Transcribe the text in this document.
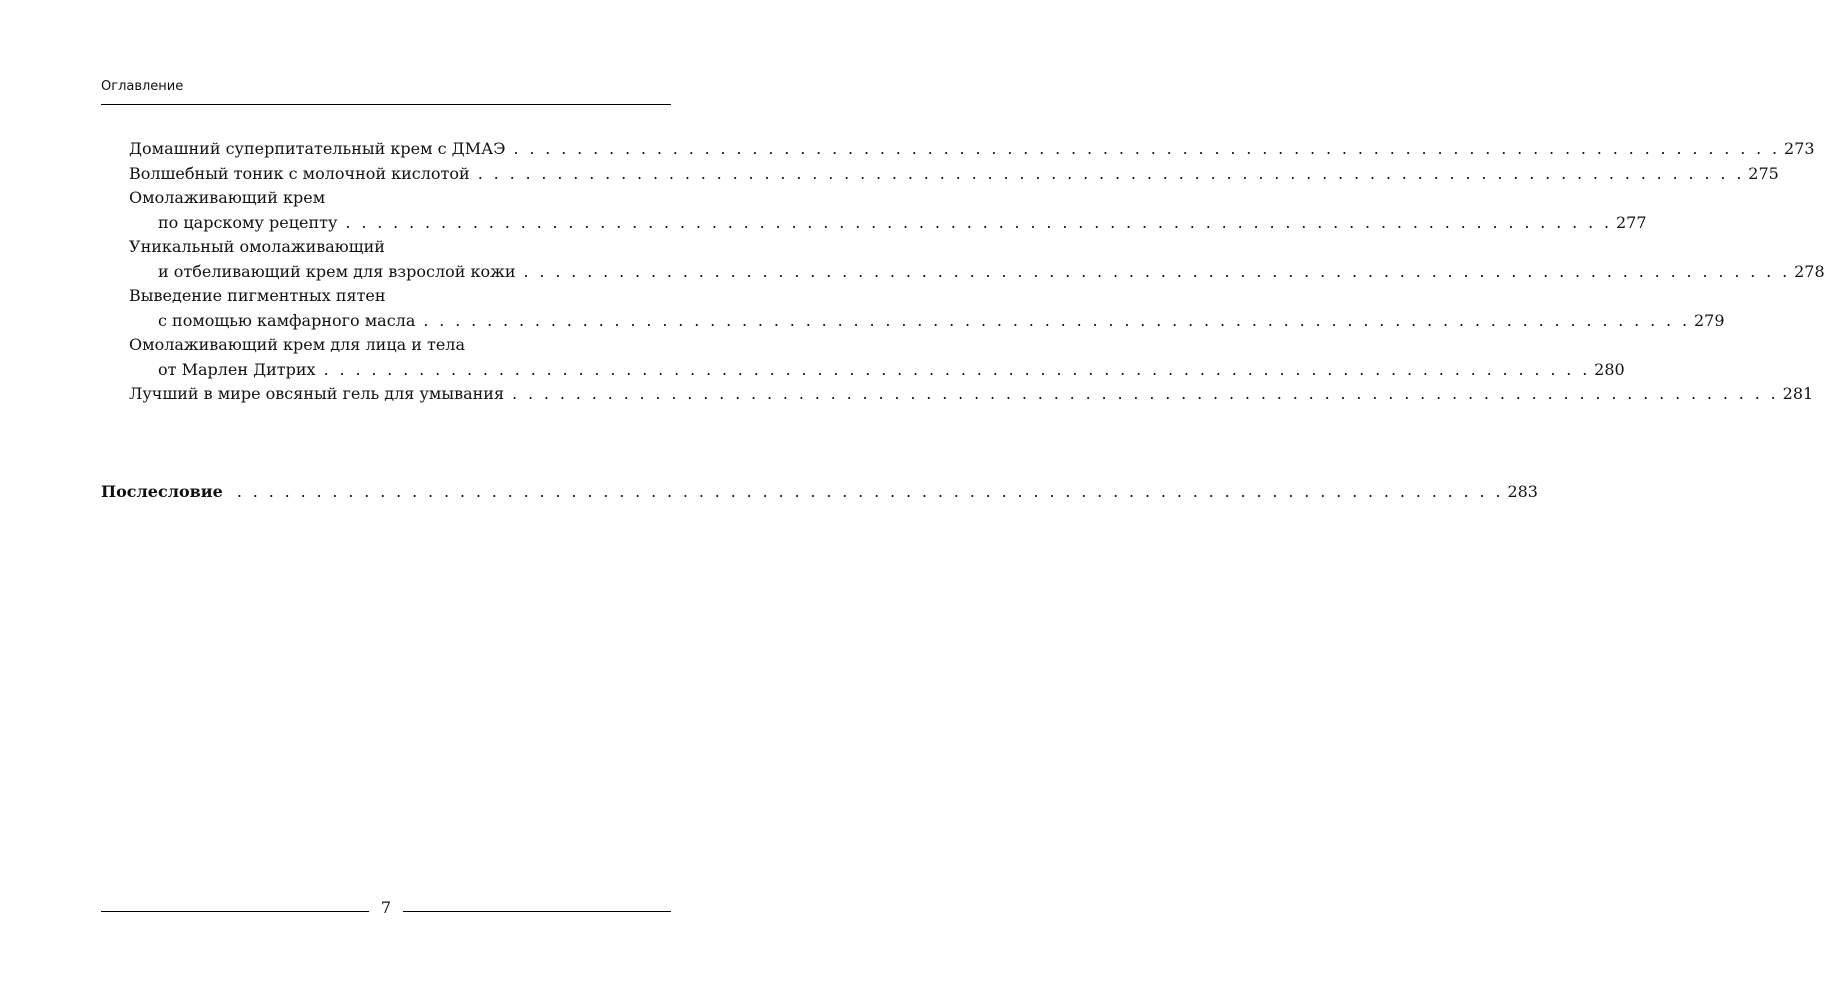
Оглавление
Домашний суперпитательный крем с ДМАЭ . . . . . . . . . . . . . . . . . . . . . . . . . . . . . . . . . . . . . . . . . . . . . . . . . . . . . . . . . . . . . . . . . . . . . . . . . . . . . . . . 273
Волшебный тоник с молочной кислотой . . . . . . . . . . . . . . . . . . . . . . . . . . . . . . . . . . . . . . . . . . . . . . . . . . . . . . . . . . . . . . . . . . . . . . . . . . . . . . . . 275
Омолаживающий крем
по царскому рецепту . . . . . . . . . . . . . . . . . . . . . . . . . . . . . . . . . . . . . . . . . . . . . . . . . . . . . . . . . . . . . . . . . . . . . . . . . . . . . . . . 277
Уникальный омолаживающий
и отбеливающий крем для взрослой кожи . . . . . . . . . . . . . . . . . . . . . . . . . . . . . . . . . . . . . . . . . . . . . . . . . . . . . . . . . . . . . . . . . . . . . . . . . . . . . . . . 278
Выведение пигментных пятен
с помощью камфарного масла . . . . . . . . . . . . . . . . . . . . . . . . . . . . . . . . . . . . . . . . . . . . . . . . . . . . . . . . . . . . . . . . . . . . . . . . . . . . . . . . 279
Омолаживающий крем для лица и тела
от Марлен Дитрих . . . . . . . . . . . . . . . . . . . . . . . . . . . . . . . . . . . . . . . . . . . . . . . . . . . . . . . . . . . . . . . . . . . . . . . . . . . . . . . . 280
Лучший в мире овсяный гель для умывания . . . . . . . . . . . . . . . . . . . . . . . . . . . . . . . . . . . . . . . . . . . . . . . . . . . . . . . . . . . . . . . . . . . . . . . . . . . . . . . . 281
Послесловие . . . . . . . . . . . . . . . . . . . . . . . . . . . . . . . . . . . . . . . . . . . . . . . . . . . . . . . . . . . . . . . . . . . . . . . . . . . . . . . . 283
7
